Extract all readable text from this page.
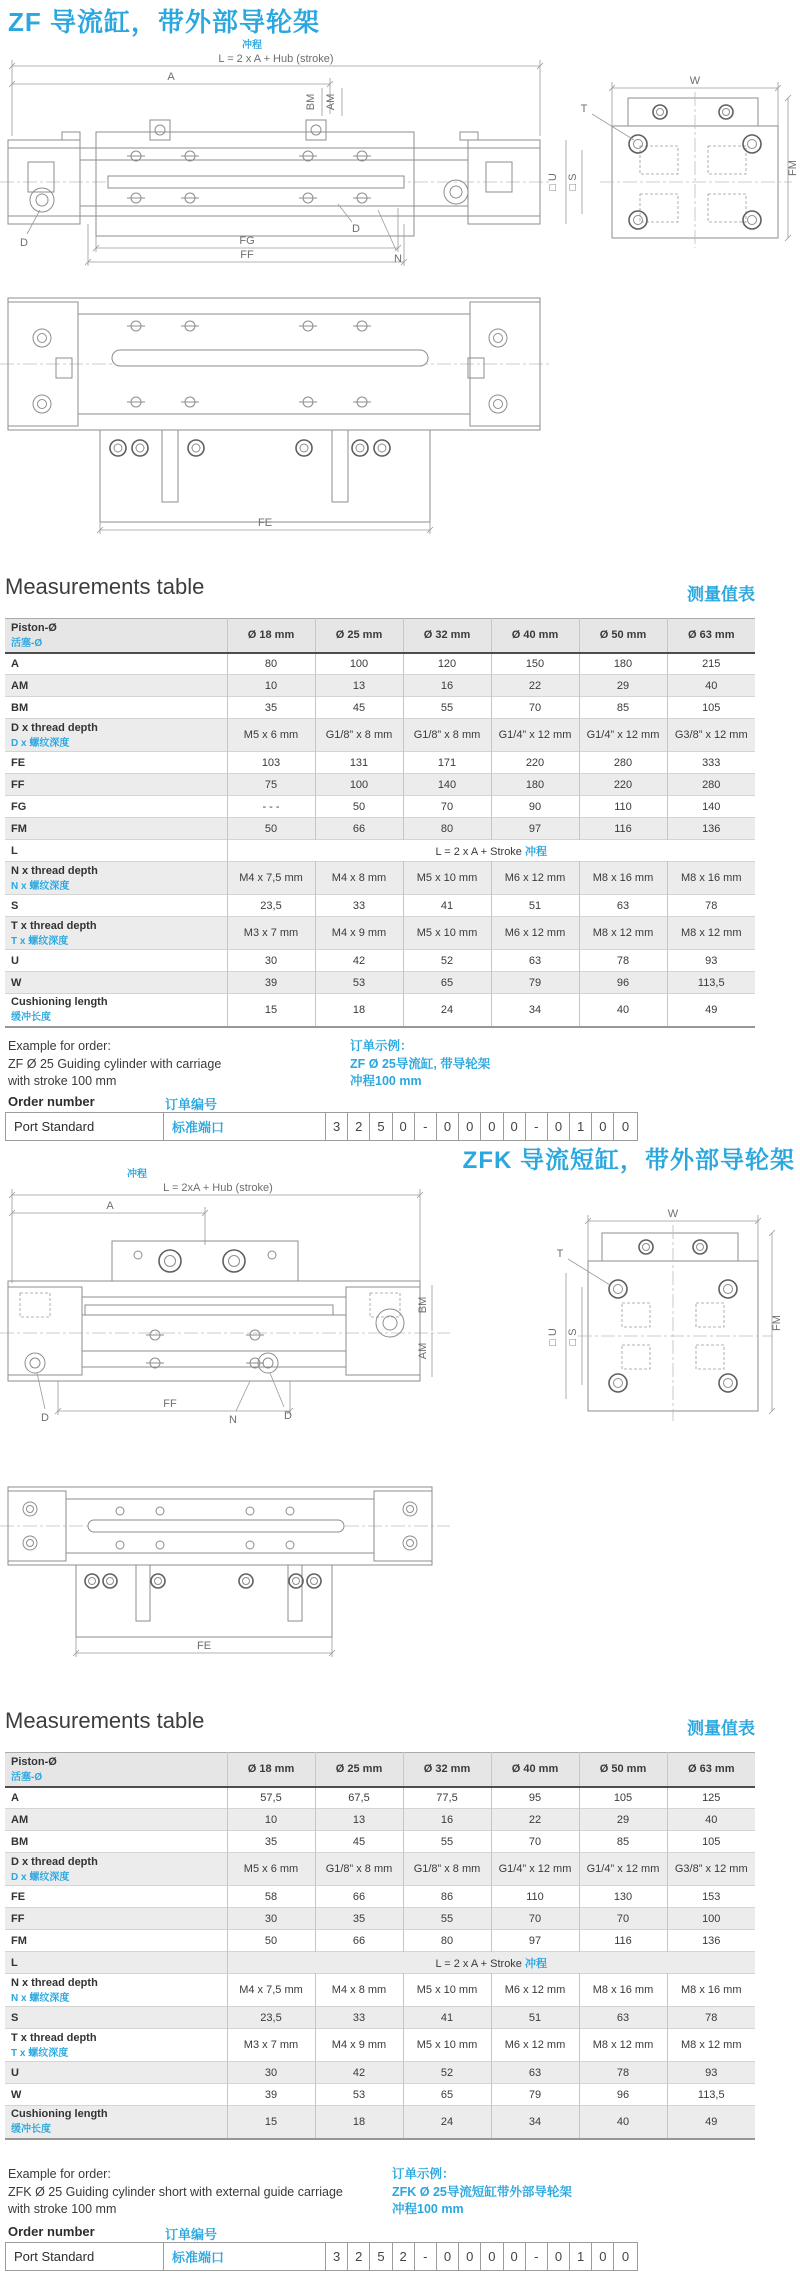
ZF 导流缸，带外部导轮架
冲程
L = 2 x A + Hub (stroke)
A
BM AM
D	FG
FF	N
D
W
T
FM
□ U □ S
FE
Measurements table	测量值表
Piston-Ø
活塞-Ø	Ø 18 mm	Ø 25 mm	Ø 32 mm	Ø 40 mm	Ø 50 mm	Ø 63 mm

A	80	100	120	150	180	215

AM	10	13	16	22	29	40

BM	35	45	55	70	85	105

D x thread depth
D x 螺纹深度	M5 x 6 mm	G1/8” x 8 mm	G1/8” x 8 mm	G1/4” x 12 mm	G1/4” x 12 mm	G3/8” x 12 mm

FE	103	131	171	220	280	333

FF	75	100	140	180	220	280

FG	- - -	50	70	90	110	140

FM	50	66	80	97	116	136

L	L = 2 x A + Stroke 冲程					

N x thread depth
N x 螺纹深度	M4 x 7,5 mm	M4 x 8 mm	M5 x 10 mm	M6 x 12 mm	M8 x 16 mm	M8 x 16 mm

S	23,5	33	41	51	63	78

T x thread depth
T x 螺纹深度	M3 x 7 mm	M4 x 9 mm	M5 x 10 mm	M6 x 12 mm	M8 x 12 mm	M8 x 12 mm

U	30	42	52	63	78	93

W	39	53	65	79	96	113,5

Cushioning length
缓冲长度	15	18	24	34	40	49
Example for order:
ZF Ø 25 Guiding cylinder with carriage
with stroke 100 mm
订单示例：
ZF Ø 25导流缸, 带导轮架
冲程100 mm
Order number	订单编号
Port Standard	标准端口	3	2	5	0	-	0	0	0	0	-	0	1	0	0
ZFK 导流短缸，带外部导轮架
冲程
L = 2xA + Hub (stroke)
A
BM
AM
D
FF
N	D
W
T
FM
□ U □ S
FE
Measurements table	测量值表
Piston-Ø
活塞-Ø	Ø 18 mm	Ø 25 mm	Ø 32 mm	Ø 40 mm	Ø 50 mm	Ø 63 mm

A	57,5	67,5	77,5	95	105	125

AM	10	13	16	22	29	40

BM	35	45	55	70	85	105

D x thread depth
D x 螺纹深度	M5 x 6 mm	G1/8” x 8 mm	G1/8” x 8 mm	G1/4” x 12 mm	G1/4” x 12 mm	G3/8” x 12 mm

FE	58	66	86	110	130	153

FF	30	35	55	70	70	100

FM	50	66	80	97	116	136

L	L = 2 x A + Stroke 冲程					

N x thread depth
N x 螺纹深度	M4 x 7,5 mm	M4 x 8 mm	M5 x 10 mm	M6 x 12 mm	M8 x 16 mm	M8 x 16 mm

S	23,5	33	41	51	63	78

T x thread depth
T x 螺纹深度	M3 x 7 mm	M4 x 9 mm	M5 x 10 mm	M6 x 12 mm	M8 x 12 mm	M8 x 12 mm

U	30	42	52	63	78	93

W	39	53	65	79	96	113,5

Cushioning length
缓冲长度	15	18	24	34	40	49
Example for order:
ZFK Ø 25 Guiding cylinder short with external guide carriage
with stroke 100 mm
订单示例：
ZFK Ø 25导流短缸带外部导轮架
冲程100 mm
Order number	订单编号
Port Standard	标准端口	3	2	5	2	-	0	0	0	0	-	0	1	0	0
